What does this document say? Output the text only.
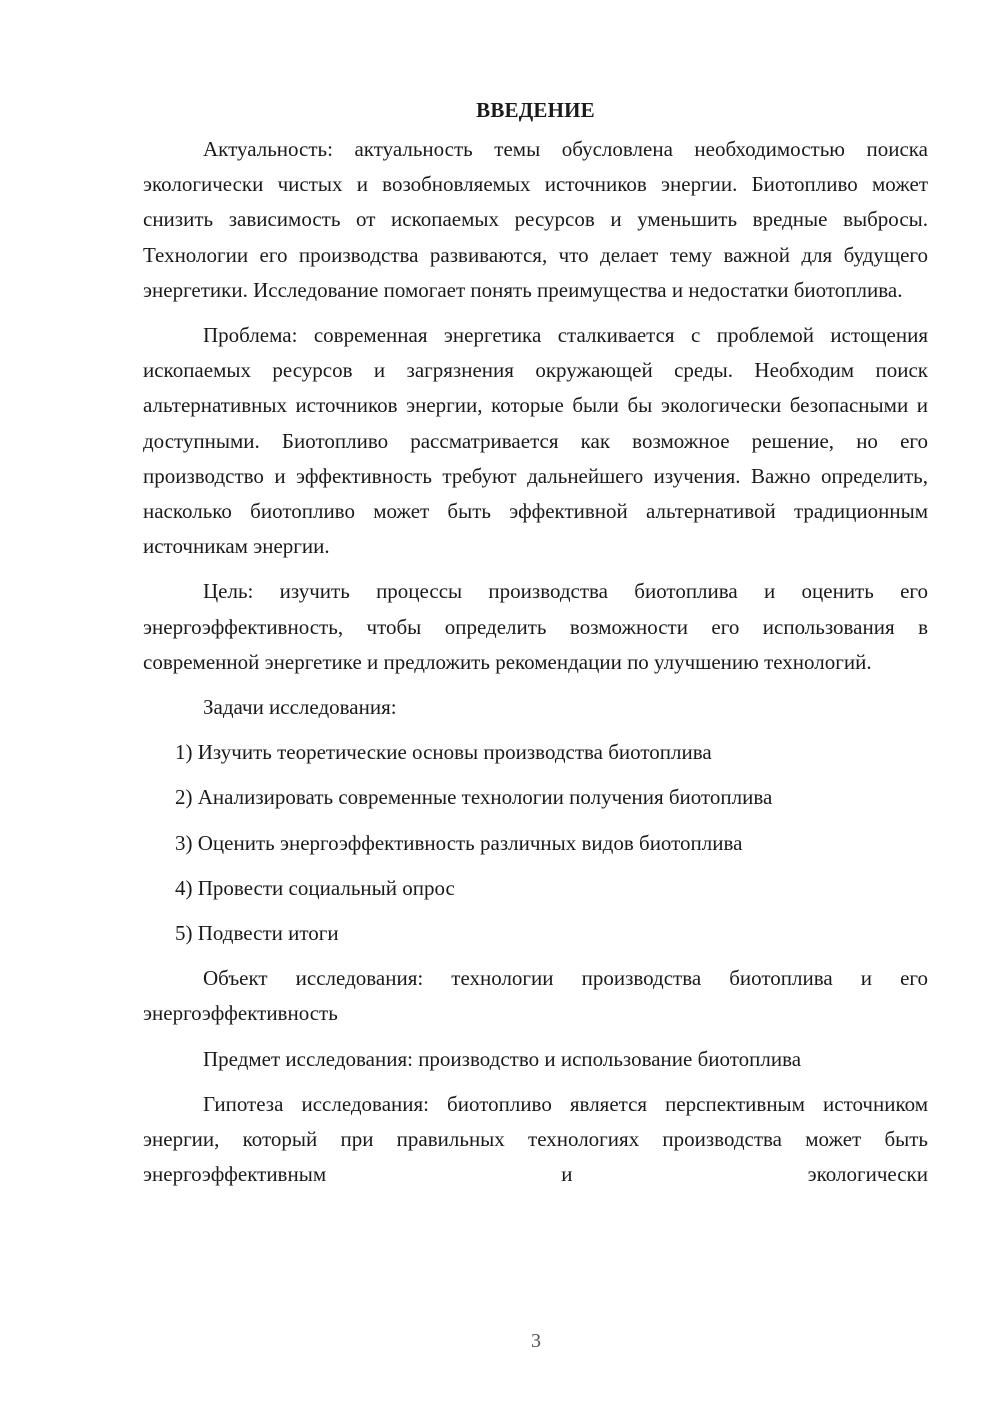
ВВЕДЕНИЕ

Актуальность: актуальность темы обусловлена необходимостью поиска экологически чистых и возобновляемых источников энергии. Биотопливо может снизить зависимость от ископаемых ресурсов и уменьшить вредные выбросы. Технологии его производства развиваются, что делает тему важной для будущего энергетики. Исследование помогает понять преимущества и недостатки биотоплива.

Проблема: современная энергетика сталкивается с проблемой истощения ископаемых ресурсов и загрязнения окружающей среды. Необходим поиск альтернативных источников энергии, которые были бы экологически безопасными и доступными. Биотопливо рассматривается как возможное решение, но его производство и эффективность требуют дальнейшего изучения. Важно определить, насколько биотопливо может быть эффективной альтернативой традиционным источникам энергии.

Цель: изучить процессы производства биотоплива и оценить его энергоэффективность, чтобы определить возможности его использования в современной энергетике и предложить рекомендации по улучшению технологий.

Задачи исследования:

1) Изучить теоретические основы производства биотоплива
2) Анализировать современные технологии получения биотоплива
3) Оценить энергоэффективность различных видов биотоплива
4) Провести социальный опрос
5) Подвести итоги

Объект исследования: технологии производства биотоплива и его энергоэффективность

Предмет исследования: производство и использование биотоплива

Гипотеза исследования: биотопливо является перспективным источником энергии, который при правильных технологиях производства может быть энергоэффективным и экологически

3
